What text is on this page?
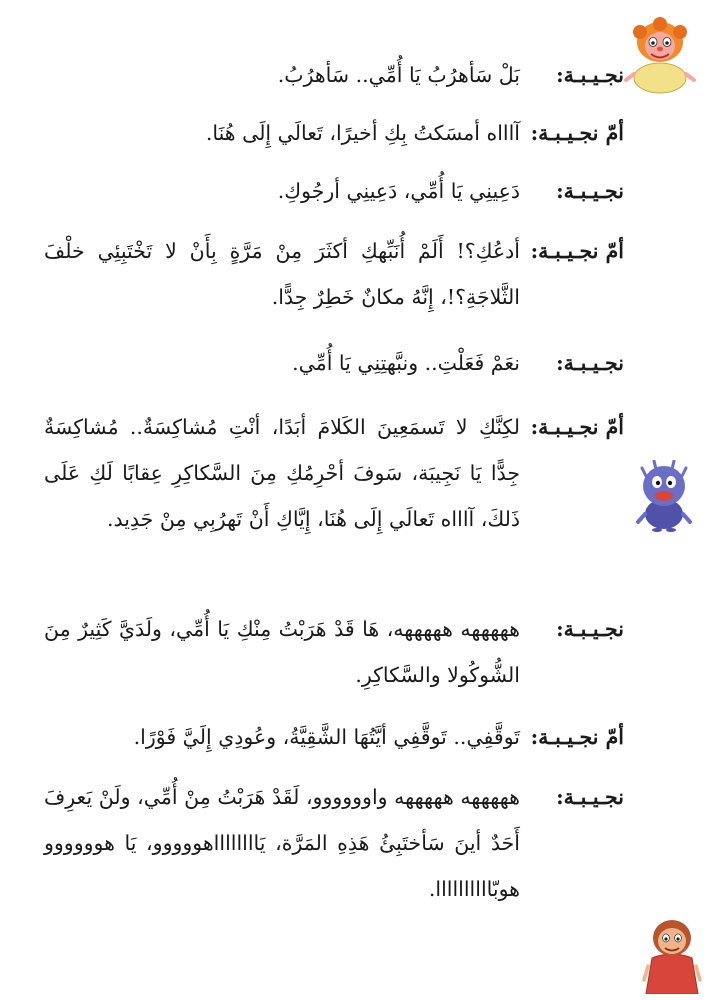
نجـيـبـة:
بَلْ سَأهرُبُ يَا أُمِّي.. سَأهرُبُ.
أمّ نجـيـبـة:
آاااه أمسَكتُ بِكِ أخيرًا، تَعالَي إِلَى هُنَا.
نجـيـبـة:
دَعِينِي يَا أُمِّي، دَعِينِي أرجُوكِ.
أمّ نجـيـبـة:
أدعُكِ؟! أَلَمْ أُنَبِّهكِ أكثَرَ مِنْ مَرَّةٍ بِأَنْ لا تَخْتَبِئِي خلْفَ الثَّلاجَةِ؟!، إِنَّهُ مكانٌ خَطِرٌ جِدًّا.
نجـيـبـة:
نعَمْ فَعَلْتِ.. ونبَّهتِنِي يَا أُمِّي.
أمّ نجـيـبـة:
لكِنَّكِ لا تَسمَعِينَ الكَلامَ أبَدًا، أنْتِ مُشاكِسَةٌ.. مُشاكِسَةٌ جِدًّا يَا نَجِيبَة، سَوفَ أحْرِمُكِ مِنَ السَّكاكِرِ عِقابًا لَكِ عَلَى ذَلكَ، آاااه تَعالَي إِلَى هُنَا، إِيَّاكِ أَنْ تَهرُبِي مِنْ جَدِيد.
نجـيـبـة:
هههههه هههههه، هَا قَدْ هَرَبْتُ مِنْكِ يَا أُمِّي، ولَدَيَّ كَثِيرٌ مِنَ الشُّوكُولا والسَّكاكِرِ.
أمّ نجـيـبـة:
تَوقَّفِي.. تَوقَّفِي أيَّتُهَا الشَّقِيَّةُ، وعُودِي إِلَيَّ فَوْرًا.
نجـيـبـة:
هههههه هههههه واوووووو، لَقَدْ هَرَبْتُ مِنْ أُمِّي، ولَنْ يَعرِفَ أَحَدٌ أينَ سَأختَبِئُ هَذِهِ المَرَّة، يَااااااااهووووو، يَا هوووووو هوبّاااااااااا.
